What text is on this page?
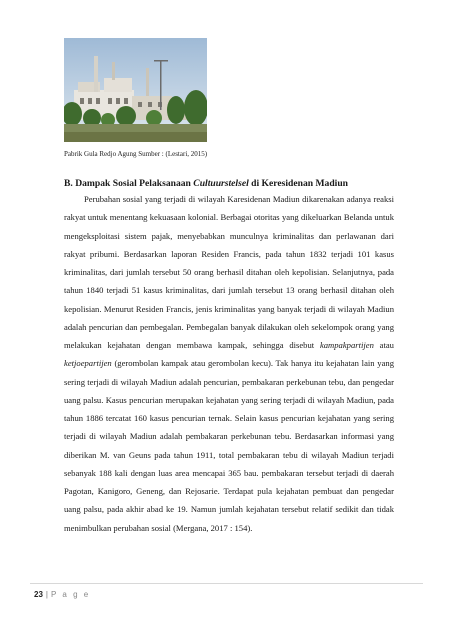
Pabrik Gula Redjo Agung Sumber : (Lestari, 2015)
B. Dampak Sosial Pelaksanaan Cultuurstelsel di Keresidenan Madiun

Perubahan sosial yang terjadi di wilayah Karesidenan Madiun dikarenakan adanya reaksi rakyat untuk menentang kekuasaan kolonial. Berbagai otoritas yang dikeluarkan Belanda untuk mengeksploitasi sistem pajak, menyebabkan munculnya kriminalitas dan perlawanan dari rakyat pribumi. Berdasarkan laporan Residen Francis, pada tahun 1832 terjadi 101 kasus kriminalitas, dari jumlah tersebut 50 orang berhasil ditahan oleh kepolisian. Selanjutnya, pada tahun 1840 terjadi 51 kasus kriminalitas, dari jumlah tersebut 13 orang berhasil ditahan oleh kepolisian. Menurut Residen Francis, jenis kriminalitas yang banyak terjadi di wilayah Madiun adalah pencurian dan pembegalan. Pembegalan banyak dilakukan oleh sekelompok orang yang melakukan kejahatan dengan membawa kampak, sehingga disebut kampakpartijen atau ketjoepartijen (gerombolan kampak atau gerombolan kecu). Tak hanya itu kejahatan lain yang sering terjadi di wilayah Madiun adalah pencurian, pembakaran perkebunan tebu, dan pengedar uang palsu. Kasus pencurian merupakan kejahatan yang sering terjadi di wilayah Madiun, pada tahun 1886 tercatat 160 kasus pencurian ternak. Selain kasus pencurian kejahatan yang sering terjadi di wilayah Madiun adalah pembakaran perkebunan tebu. Berdasarkan informasi yang diberikan M. van Geuns pada tahun 1911, total pembakaran tebu di wilayah Madiun terjadi sebanyak 188 kali dengan luas area mencapai 365 bau. pembakaran tersebut terjadi di daerah Pagotan, Kanigoro, Geneng, dan Rejosarie. Terdapat pula kejahatan pembuat dan pengedar uang palsu, pada akhir abad ke 19. Namun jumlah kejahatan tersebut relatif sedikit dan tidak menimbulkan perubahan sosial (Mergana, 2017 : 154).

23 | P a g e
